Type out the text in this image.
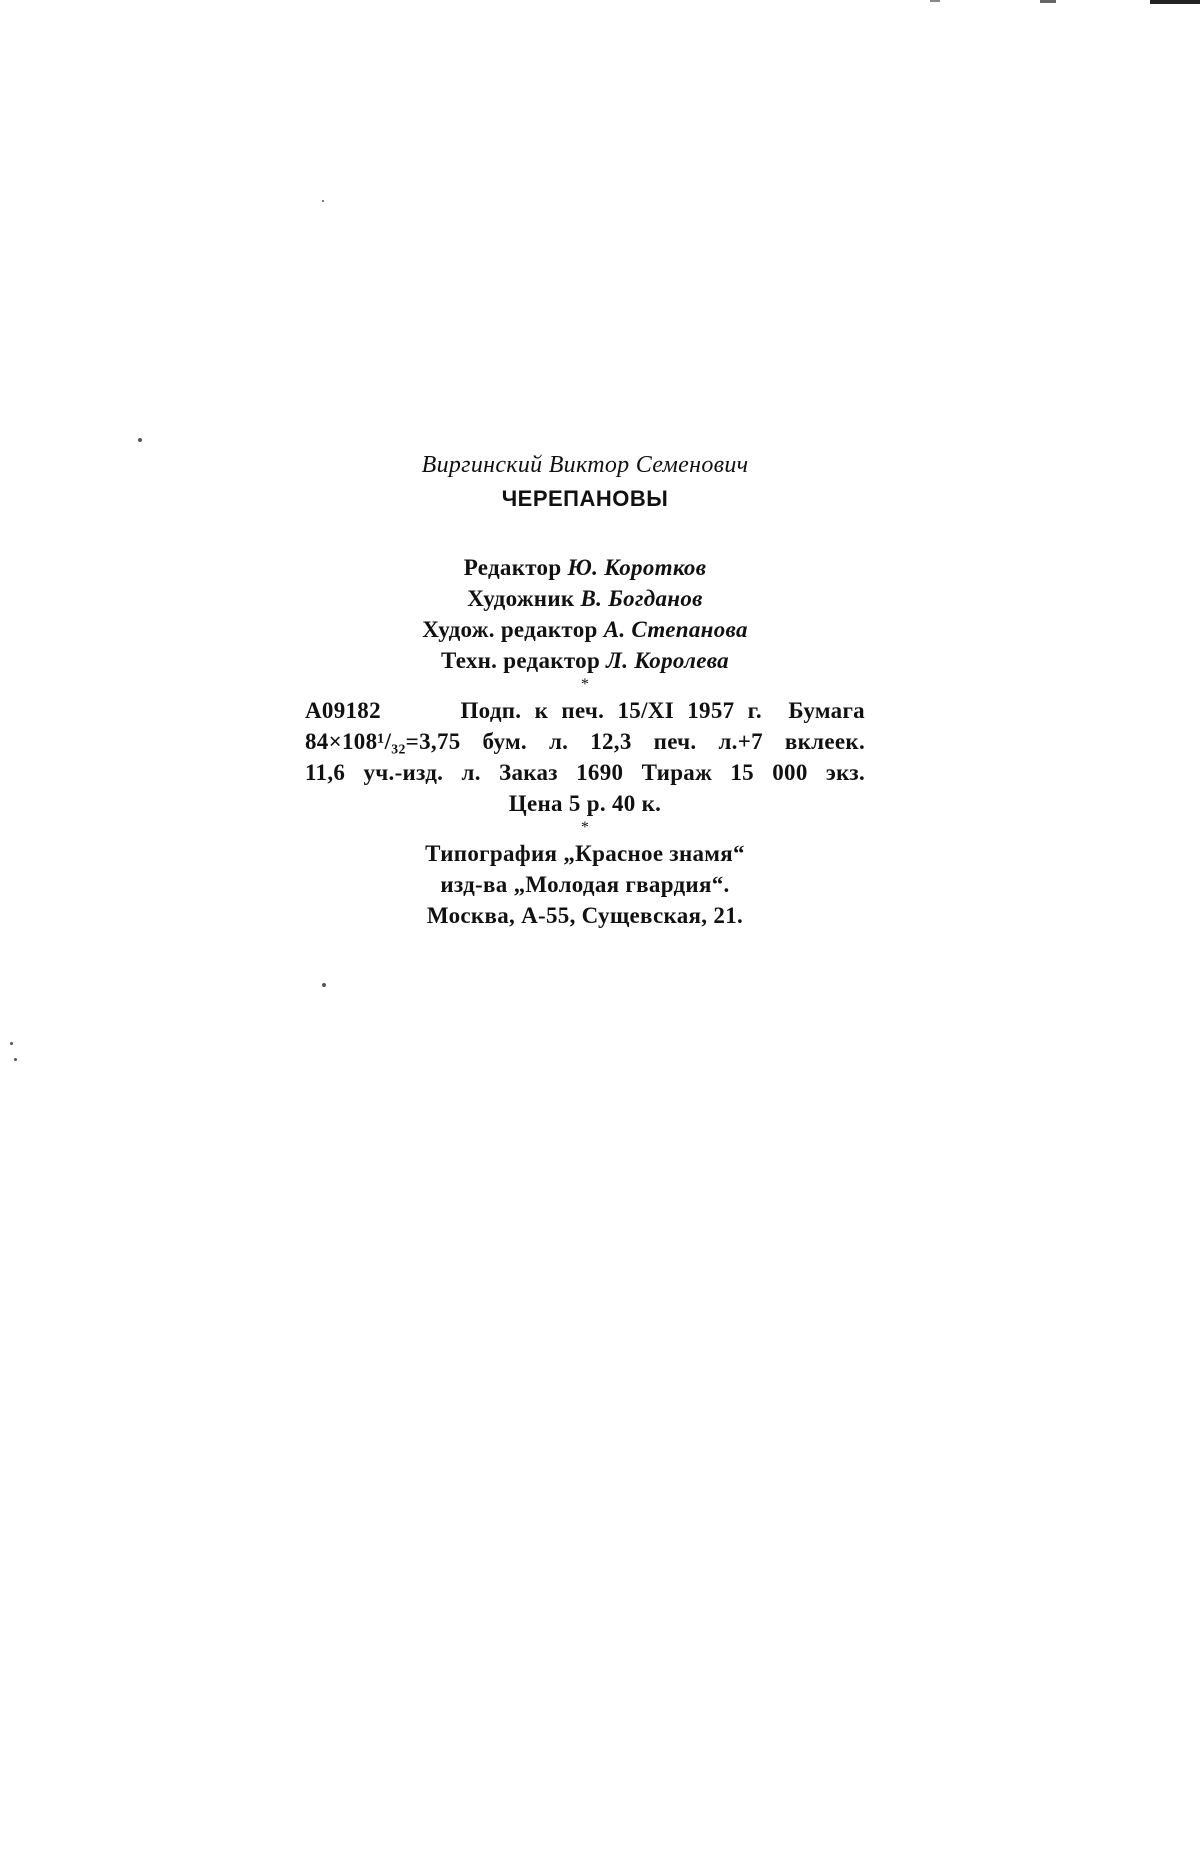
Виргинский Виктор Семенович
ЧЕРЕПАНОВЫ
Редактор Ю. Коротков
Художник В. Богданов
Худож. редактор А. Степанова
Техн. редактор Л. Королева
*
А09182      Подп. к печ. 15/XI 1957 г.  Бумага
84×108¹/₃₂=3,75 бум. л. 12,3 печ. л.+7 вклеек.
11,6 уч.-изд. л. Заказ 1690 Тираж 15 000 экз.
Цена 5 р. 40 к.
*
Типография „Красное знамя“
изд-ва „Молодая гвардия“.
Москва, А-55, Сущевская, 21.
